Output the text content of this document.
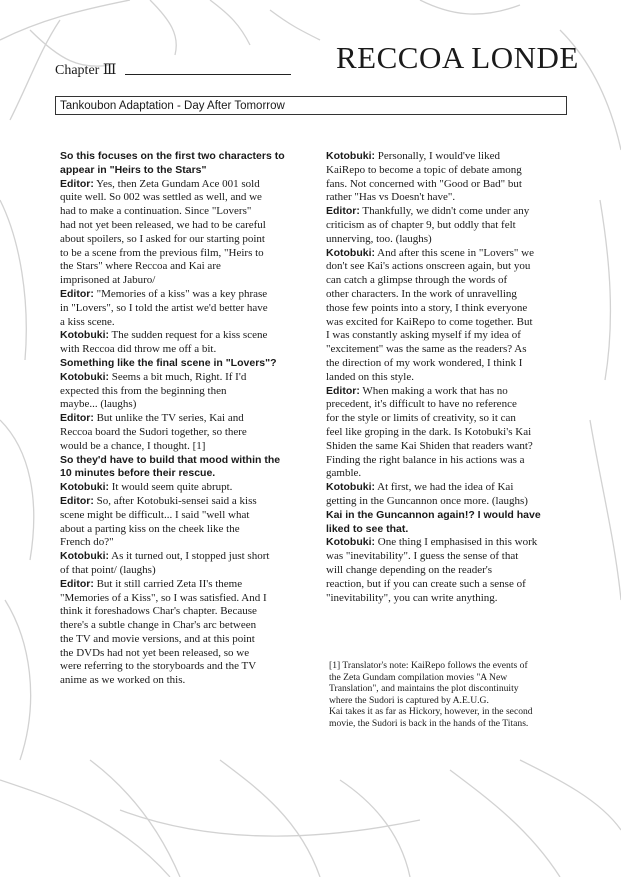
Chapter Ⅲ	RECCOA LONDE
Tankoubon Adaptation - Day After Tomorrow
So this focuses on the first two characters to
appear in "Heirs to the Stars"
Editor: Yes, then Zeta Gundam Ace 001 sold
quite well. So 002 was settled as well, and we
had to make a continuation. Since "Lovers"
had not yet been released, we had to be careful
about spoilers, so I asked for our starting point
to be a scene from the previous film, "Heirs to
the Stars" where Reccoa and Kai are
imprisoned at Jaburo/
Editor: "Memories of a kiss" was a key phrase
in "Lovers", so I told the artist we'd better have
a kiss scene.
Kotobuki: The sudden request for a kiss scene
with Reccoa did throw me off a bit.
Something like the final scene in "Lovers"?
Kotobuki: Seems a bit much, Right. If I'd
expected this from the beginning then
maybe... (laughs)
Editor: But unlike the TV series, Kai and
Reccoa board the Sudori together, so there
would be a chance, I thought. [1]
So they'd have to build that mood within the
10 minutes before their rescue.
Kotobuki: It would seem quite abrupt.
Editor: So, after Kotobuki-sensei said a kiss
scene might be difficult... I said "well what
about a parting kiss on the cheek like the
French do?"
Kotobuki: As it turned out, I stopped just short
of that point/ (laughs)
Editor: But it still carried Zeta II's theme
"Memories of a Kiss", so I was satisfied. And I
think it foreshadows Char's chapter. Because
there's a subtle change in Char's arc between
the TV and movie versions, and at this point
the DVDs had not yet been released, so we
were referring to the storyboards and the TV
anime as we worked on this.
Kotobuki: Personally, I would've liked
KaiRepo to become a topic of debate among
fans. Not concerned with "Good or Bad" but
rather "Has vs Doesn't have".
Editor: Thankfully, we didn't come under any
criticism as of chapter 9, but oddly that felt
unnerving, too. (laughs)
Kotobuki: And after this scene in "Lovers" we
don't see Kai's actions onscreen again, but you
can catch a glimpse through the words of
other characters. In the work of unravelling
those few points into a story, I think everyone
was excited for KaiRepo to come together. But
I was constantly asking myself if my idea of
"excitement" was the same as the readers? As
the direction of my work wondered, I think I
landed on this style.
Editor: When making a work that has no
precedent, it's difficult to have no reference
for the style or limits of creativity, so it can
feel like groping in the dark. Is Kotobuki's Kai
Shiden the same Kai Shiden that readers want?
Finding the right balance in his actions was a
gamble.
Kotobuki: At first, we had the idea of Kai
getting in the Guncannon once more. (laughs)
Kai in the Guncannon again!? I would have
liked to see that.
Kotobuki: One thing I emphasised in this work
was "inevitability". I guess the sense of that
will change depending on the reader's
reaction, but if you can create such a sense of
"inevitability", you can write anything.
[1] Translator's note: KaiRepo follows the events of
the Zeta Gundam compilation movies "A New
Translation", and maintains the plot discontinuity
where the Sudori is captured by A.E.U.G.
Kai takes it as far as Hickory, however, in the second
movie, the Sudori is back in the hands of the Titans.
